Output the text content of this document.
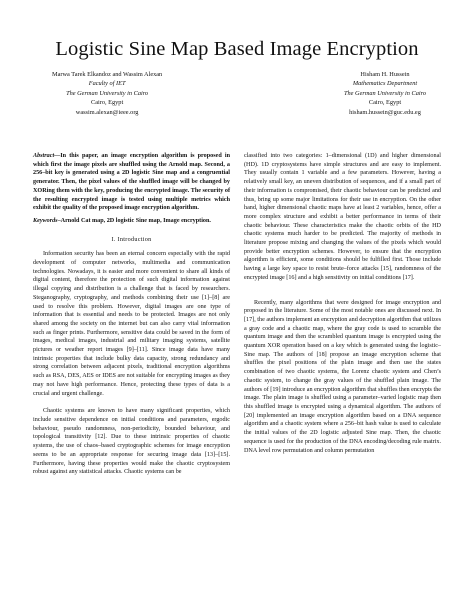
Logistic Sine Map Based Image Encryption
Marwa Tarek Elkandoz and Wassim Alexan
Faculty of IET
The German University in Cairo
Cairo, Egypt
wassim.alexan@ieee.org
Hisham H. Hussein
Mathematics Department
The German University in Cairo
Cairo, Egypt
hisham.hussein@guc.edu.eg
Abstract—In this paper, an image encryption algorithm is proposed in which first the image pixels are shuffled using the Arnold map. Second, a 256–bit key is generated using a 2D logistic Sine map and a congruential generator. Then, the pixel values of the shuffled image will be changed by XORing them with the key, producing the encrypted image. The security of the resulting encrypted image is tested using multiple metrics which exhibit the quality of the proposed image encryption algorithm.
Keywords–Arnold Cat map, 2D logistic Sine map, Image encryption.
I. Introduction

Information security has been an eternal concern especially with the rapid development of computer networks, multimedia and communication technologies. Nowadays, it is easier and more convenient to share all kinds of digital content, therefore the protection of such digital information against illegal copying and distribution is a challenge that is faced by researchers. Steganography, cryptography, and methods combining their use [1]–[8] are used to resolve this problem. However, digital images are one type of information that is essential and needs to be protected. Images are not only shared among the society on the internet but can also carry vital information such as finger prints. Furthermore, sensitive data could be saved in the form of images, medical images, industrial and military imaging systems, satellite pictures or weather report images [9]–[11]. Since image data have many intrinsic properties that include bulky data capacity, strong redundancy and strong correlation between adjacent pixels, traditional encryption algorithms such as RSA, DES, AES or IDES are not suitable for encrypting images as they may not have high performance. Hence, protecting these types of data is a crucial and urgent challenge.

Chaotic systems are known to have many significant properties, which include sensitive dependence on initial conditions and parameters, ergodic behaviour, pseudo randomness, non-periodicity, bounded behaviour, and topological transitivity [12]. Due to these intrinsic properties of chaotic systems, the use of chaos–based cryptographic schemes for image encryption seems to be an appropriate response for securing image data [13]–[15]. Furthermore, having these properties would make the chaotic cryptosystem robust against any statistical attacks. Chaotic systems can be

classified into two categories: 1–dimensional (1D) and higher dimensional (HD). 1D cryptosystems have simple structures and are easy to implement. They usually contain 1 variable and a few parameters. However, having a relatively small key, an uneven distribution of sequences, and if a small part of their information is compromised, their chaotic behaviour can be predicted and thus, bring up some major limitations for their use in encryption. On the other hand, higher dimensional chaotic maps have at least 2 variables, hence, offer a more complex structure and exhibit a better performance in terms of their chaotic behaviour. These characteristics make the chaotic orbits of the HD chaotic systems much harder to be predicted. The majority of methods in literature propose mixing and changing the values of the pixels which would provide better encryption schemes. However, to ensure that the encryption algorithm is efficient, some conditions should be fulfilled first. Those include having a large key space to resist brute–force attacks [15], randomness of the encrypted image [16] and a high sensitivity on initial conditions [17].

Recently, many algorithms that were designed for image encryption and proposed in the literature. Some of the most notable ones are discussed next. In [17], the authors implement an encryption and decryption algorithm that utilizes a gray code and a chaotic map, where the gray code is used to scramble the quantum image and then the scrambled quantum image is encrypted using the quantum XOR operation based on a key which is generated using the logistic–Sine map. The authors of [18] propose an image encryption scheme that shuffles the pixel positions of the plain image and then use the states combination of two chaotic systems, the Lorenz chaotic system and Chen’s chaotic system, to change the gray values of the shuffled plain image. The authors of [19] introduce an encryption algorithm that shuffles then encrypts the image. The plain image is shuffled using a parameter–varied logistic map then this shuffled image is encrypted using a dynamical algorithm. The authors of [20] implemented an image encryption algorithm based on a DNA sequence algorithm and a chaotic system where a 256–bit hash value is used to calculate the initial values of the 2D logistic adjusted Sine map. Then, the chaotic sequence is used for the production of the DNA encoding/decoding rule matrix. DNA level row permutation and column permutation
